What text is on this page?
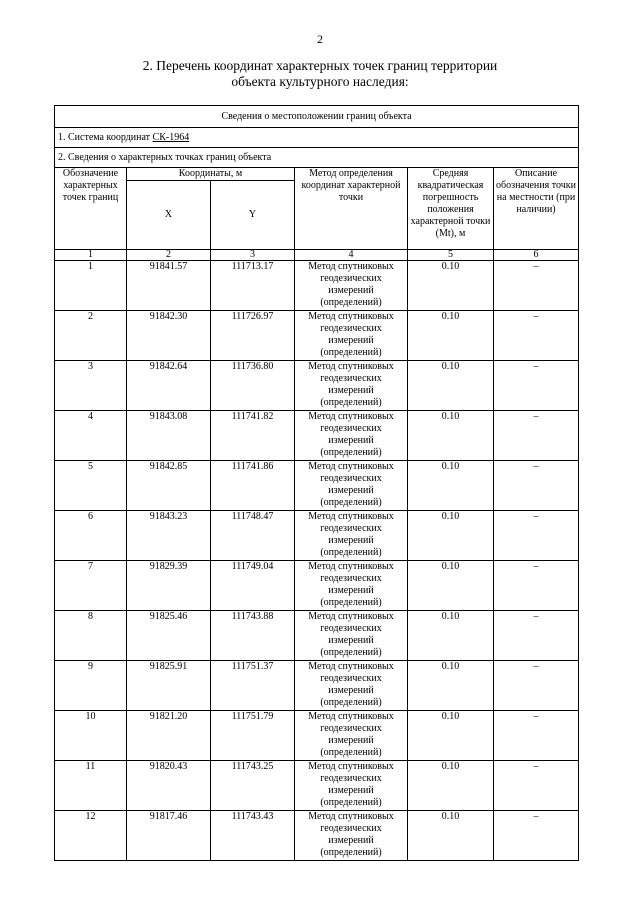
2
2. Перечень координат характерных точек границ территории
объекта культурного наследия:
Сведения о местоположении границ объекта					
1. Система координат СК-1964					
2. Сведения о характерных точках границ объекта					
Обозначение характерных точек границ	Координаты, м		Метод определения координат характерной точки	Средняя квадратическая погрешность положения характерной точки (Mt), м	Описание обозначения точки на местности (при наличии)
	X	Y			
1	2	3	4	5	6
1	91841.57	111713.17	Метод спутниковых геодезических измерений (определений)	0.10	–
2	91842.30	111726.97	Метод спутниковых геодезических измерений (определений)	0.10	–
3	91842.64	111736.80	Метод спутниковых геодезических измерений (определений)	0.10	–
4	91843.08	111741.82	Метод спутниковых геодезических измерений (определений)	0.10	–
5	91842.85	111741.86	Метод спутниковых геодезических измерений (определений)	0.10	–
6	91843.23	111748.47	Метод спутниковых геодезических измерений (определений)	0.10	–
7	91829.39	111749.04	Метод спутниковых геодезических измерений (определений)	0.10	–
8	91825.46	111743.88	Метод спутниковых геодезических измерений (определений)	0.10	–
9	91825.91	111751.37	Метод спутниковых геодезических измерений (определений)	0.10	–
10	91821.20	111751.79	Метод спутниковых геодезических измерений (определений)	0.10	–
11	91820.43	111743.25	Метод спутниковых геодезических измерений (определений)	0.10	–
12	91817.46	111743.43	Метод спутниковых геодезических измерений (определений)	0.10	–
